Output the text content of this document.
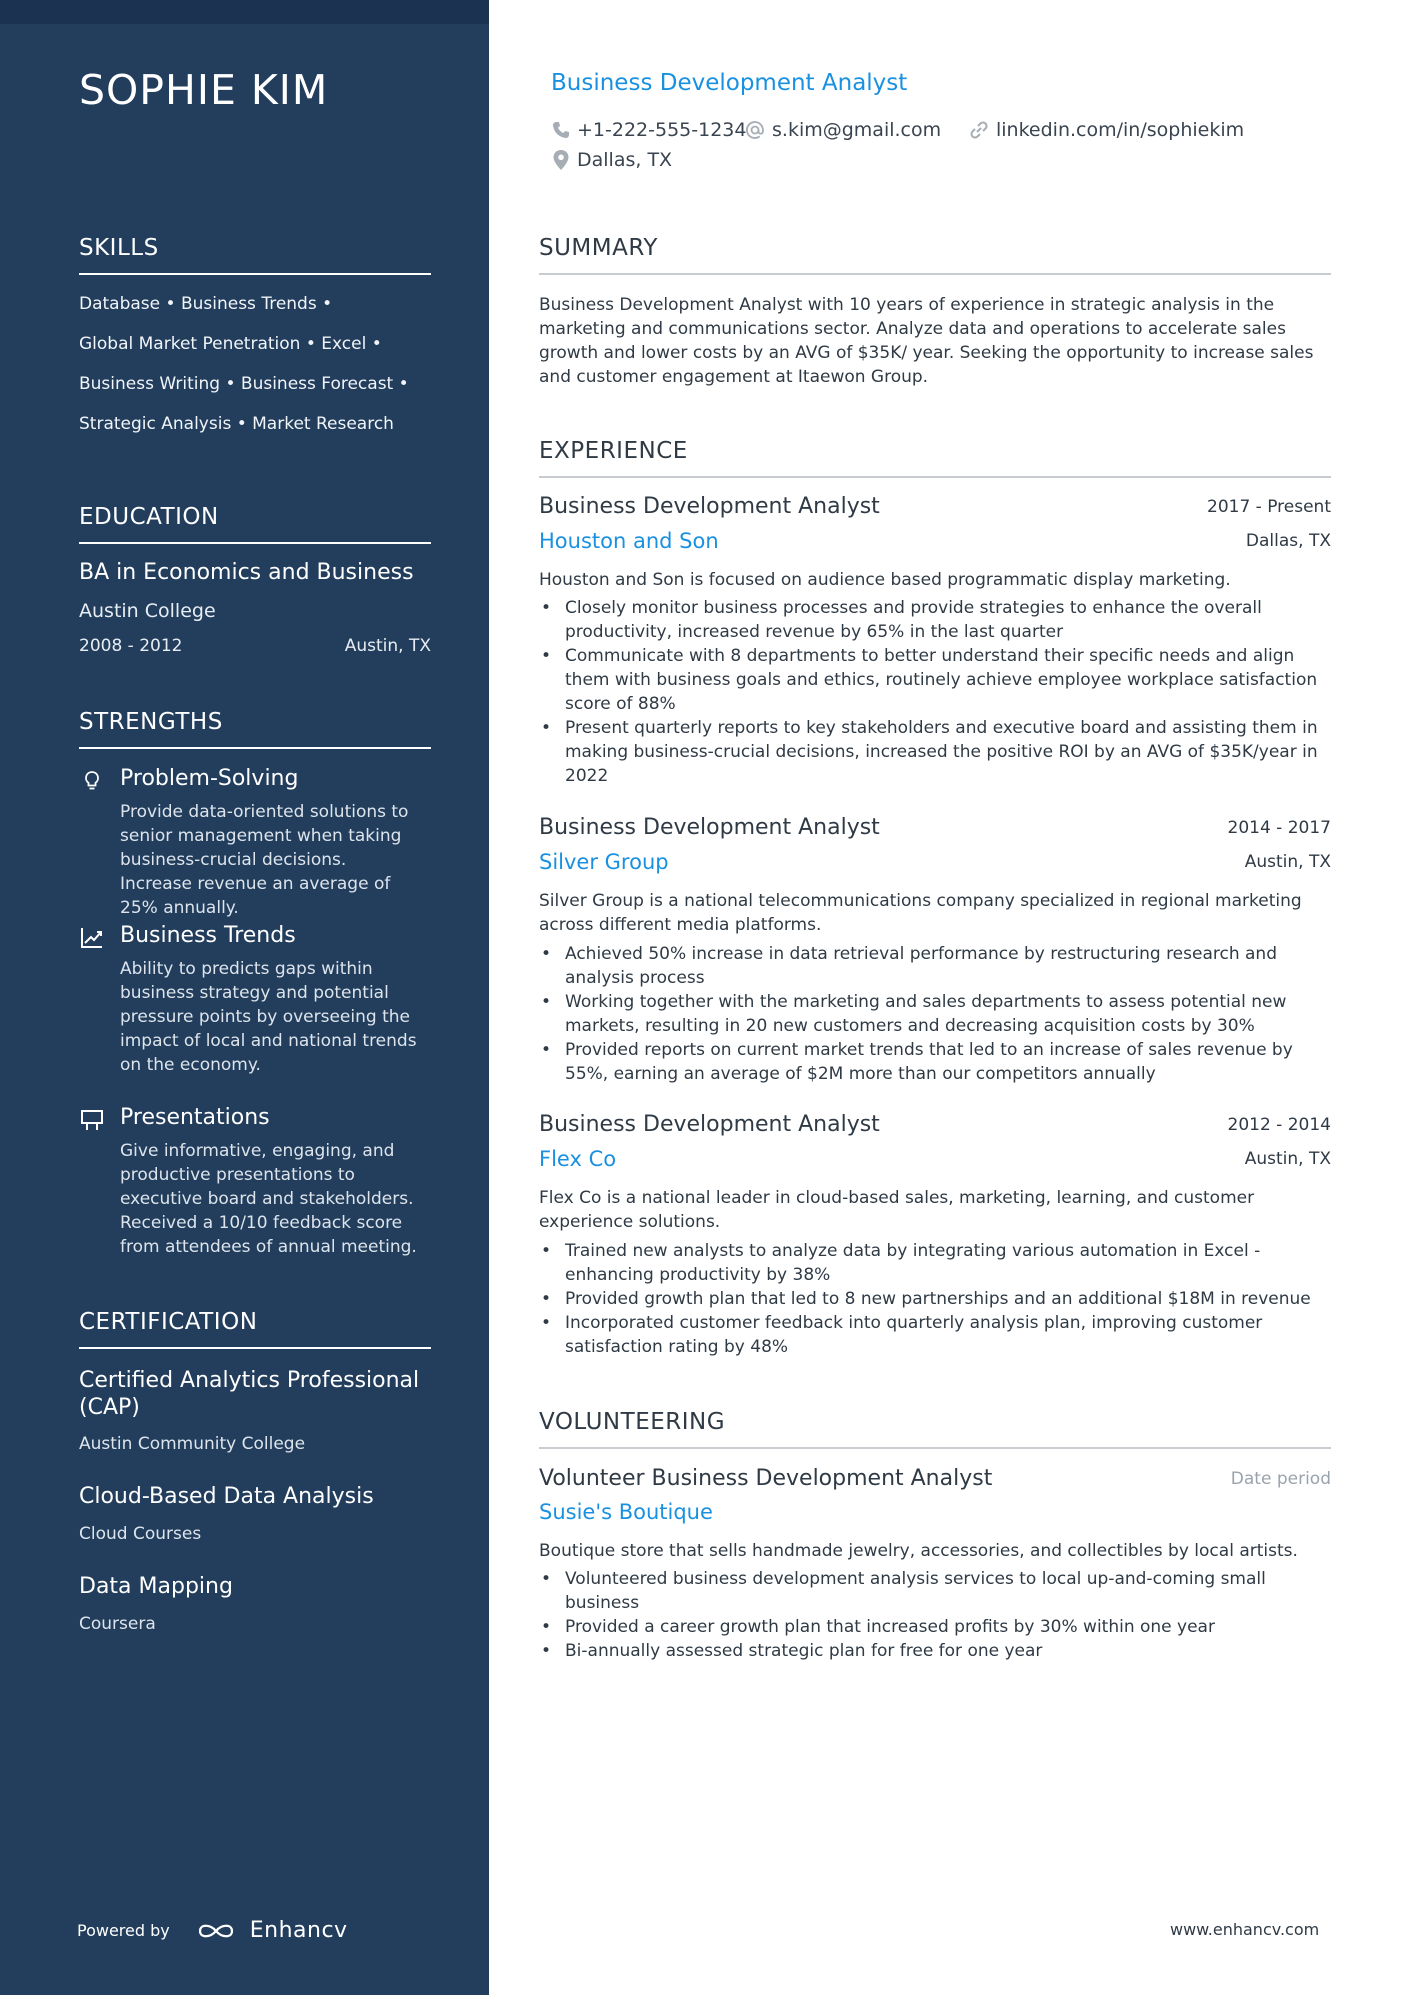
SOPHIE KIM
SKILLS
Database • Business Trends •
Global Market Penetration • Excel •
Business Writing • Business Forecast •
Strategic Analysis • Market Research
EDUCATION
BA in Economics and Business
Austin College
2008 - 2012	Austin, TX
STRENGTHS
Problem-Solving
Provide data-oriented solutions to senior management when taking business-crucial decisions. Increase revenue an average of 25% annually.
Business Trends
Ability to predicts gaps within business strategy and potential pressure points by overseeing the impact of local and national trends on the economy.
Presentations
Give informative, engaging, and productive presentations to executive board and stakeholders. Received a 10/10 feedback score from attendees of annual meeting.
CERTIFICATION
Certified Analytics Professional (CAP)
Austin Community College
Cloud-Based Data Analysis
Cloud Courses
Data Mapping
Coursera
Powered by	Enhancv
Business Development Analyst
+1-222-555-1234 s.kim@gmail.com	linkedin.com/in/sophiekim
Dallas, TX
SUMMARY
Business Development Analyst with 10 years of experience in strategic analysis in the marketing and communications sector. Analyze data and operations to accelerate sales growth and lower costs by an AVG of $35K/ year. Seeking the opportunity to increase sales and customer engagement at Itaewon Group.
EXPERIENCE
Business Development Analyst	2017 - Present
Houston and Son	Dallas, TX
Houston and Son is focused on audience based programmatic display marketing.
• Closely monitor business processes and provide strategies to enhance the overall productivity, increased revenue by 65% in the last quarter
• Communicate with 8 departments to better understand their specific needs and align them with business goals and ethics, routinely achieve employee workplace satisfaction score of 88%
• Present quarterly reports to key stakeholders and executive board and assisting them in making business-crucial decisions, increased the positive ROI by an AVG of $35K/year in 2022
Business Development Analyst	2014 - 2017
Silver Group	Austin, TX
Silver Group is a national telecommunications company specialized in regional marketing across different media platforms.
• Achieved 50% increase in data retrieval performance by restructuring research and analysis process
• Working together with the marketing and sales departments to assess potential new markets, resulting in 20 new customers and decreasing acquisition costs by 30%
• Provided reports on current market trends that led to an increase of sales revenue by 55%, earning an average of $2M more than our competitors annually
Business Development Analyst	2012 - 2014
Flex Co	Austin, TX
Flex Co is a national leader in cloud-based sales, marketing, learning, and customer experience solutions.
• Trained new analysts to analyze data by integrating various automation in Excel - enhancing productivity by 38%
• Provided growth plan that led to 8 new partnerships and an additional $18M in revenue
• Incorporated customer feedback into quarterly analysis plan, improving customer satisfaction rating by 48%
VOLUNTEERING
Volunteer Business Development Analyst	Date period
Susie's Boutique
Boutique store that sells handmade jewelry, accessories, and collectibles by local artists.
• Volunteered business development analysis services to local up-and-coming small business
• Provided a career growth plan that increased profits by 30% within one year
• Bi-annually assessed strategic plan for free for one year
www.enhancv.com
